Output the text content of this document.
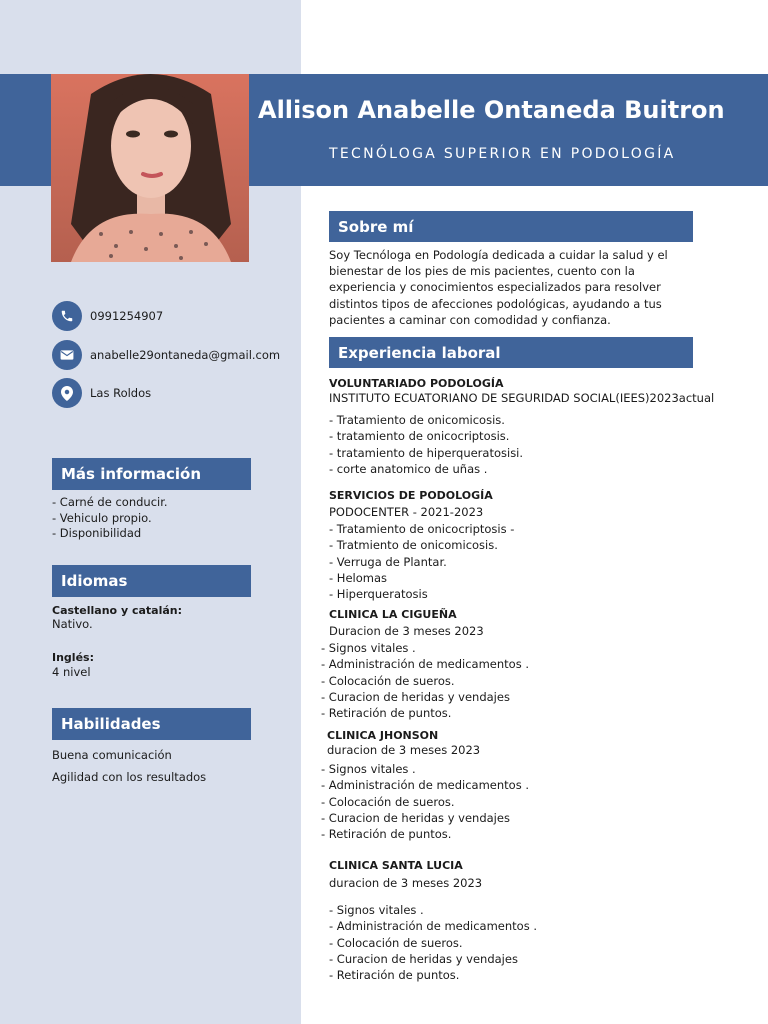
Allison Anabelle Ontaneda Buitron
TECNÓLOGA SUPERIOR EN PODOLOGÍA
0991254907
anabelle29ontaneda@gmail.com
Las Roldos
Más información
- Carné de conducir.
- Vehiculo propio.
- Disponibilidad
Idiomas
Castellano y catalán:
Nativo.
Inglés:
4 nivel
Habilidades
Buena comunicación
Agilidad con los resultados
Sobre mí
Soy Tecnóloga en Podología dedicada a cuidar la salud y el
bienestar de los pies de mis pacientes, cuento con la
experiencia y conocimientos especializados para resolver
distintos tipos de afecciones podológicas, ayudando a tus
pacientes a caminar con comodidad y confianza.
Experiencia laboral
VOLUNTARIADO PODOLOGÍA
INSTITUTO ECUATORIANO DE SEGURIDAD SOCIAL(IEES)2023actual
- Tratamiento de onicomicosis.
- tratamiento de onicocriptosis.
- tratamiento de hiperqueratosisi.
- corte anatomico de uñas .
SERVICIOS DE PODOLOGÍA
PODOCENTER - 2021-2023
- Tratamiento de onicocriptosis -
- Tratmiento de onicomicosis.
- Verruga de Plantar.
- Helomas
- Hiperqueratosis
CLINICA LA CIGUEÑA
Duracion de 3 meses 2023
- Signos vitales .
- Administración de medicamentos .
- Colocación de sueros.
- Curacion de heridas y vendajes
- Retiración de puntos.
CLINICA JHONSON
duracion de 3 meses 2023
- Signos vitales .
- Administración de medicamentos .
- Colocación de sueros.
- Curacion de heridas y vendajes
- Retiración de puntos.
CLINICA SANTA LUCIA
duracion de 3 meses 2023
- Signos vitales .
- Administración de medicamentos .
- Colocación de sueros.
- Curacion de heridas y vendajes
- Retiración de puntos.
